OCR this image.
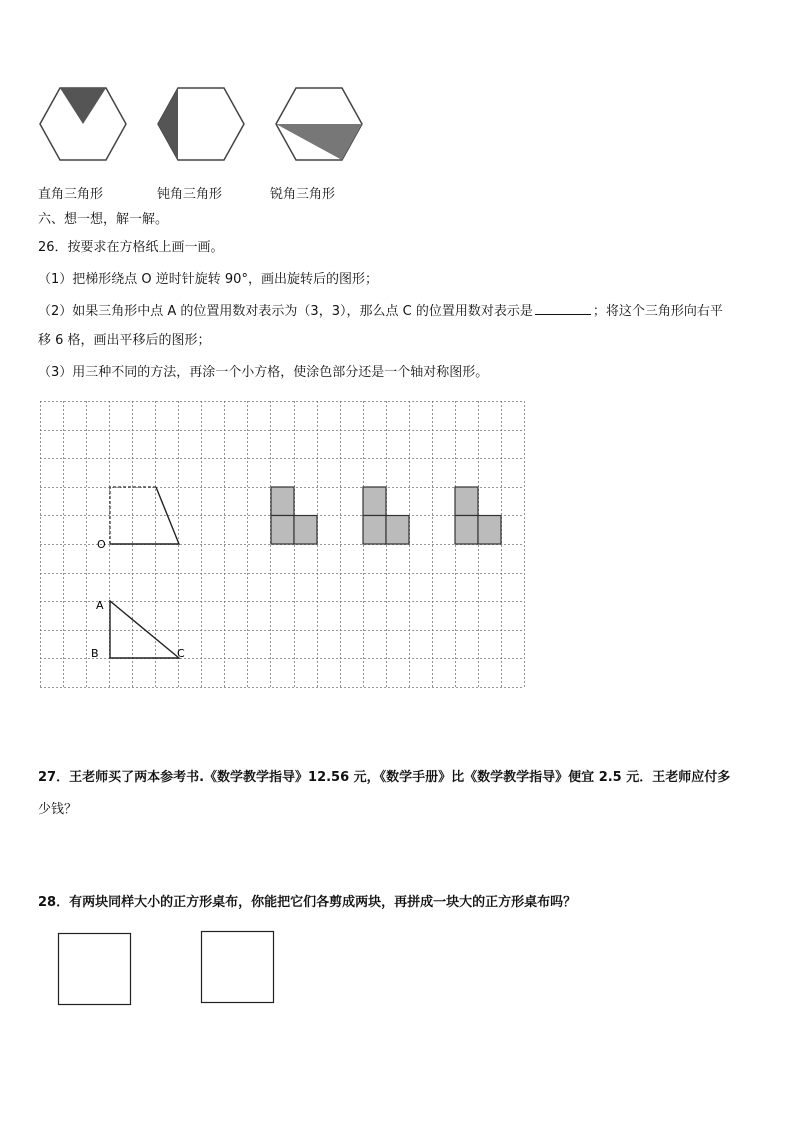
直角三角形	钝角三角形	锐角三角形
六、想一想，解一解。
26．按要求在方格纸上画一画。
（1）把梯形绕点 O 逆时针旋转 90°，画出旋转后的图形；
（2）如果三角形中点 A 的位置用数对表示为（3，3），那么点 C 的位置用数对表示是	；将这个三角形向右平
移 6 格，画出平移后的图形；
（3）用三种不同的方法，再涂一个小方格，使涂色部分还是一个轴对称图形。
O
A
B	C
27．王老师买了两本参考书.《数学教学指导》12.56 元，《数学手册》比《数学教学指导》便宜 2.5 元．王老师应付多
少钱？
28．有两块同样大小的正方形桌布，你能把它们各剪成两块，再拼成一块大的正方形桌布吗？
